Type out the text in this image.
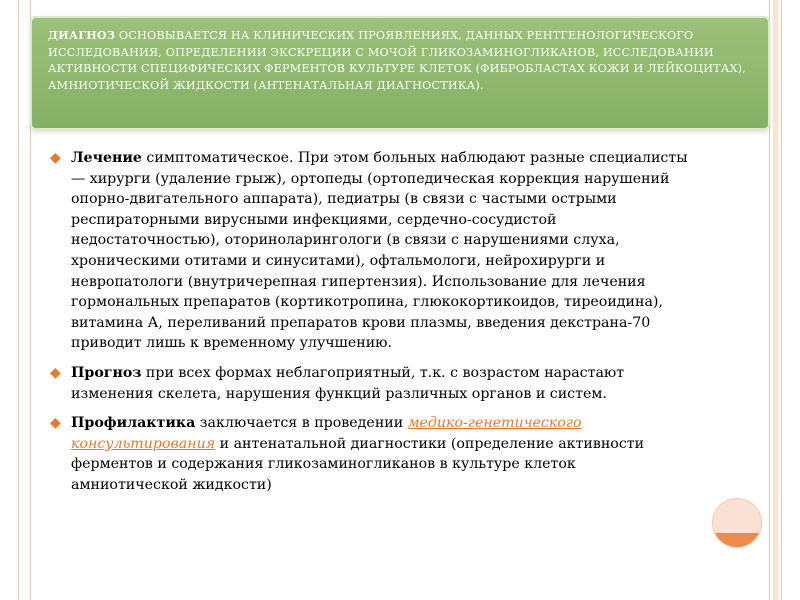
ДИАГНОЗ ОСНОВЫВАЕТСЯ НА КЛИНИЧЕСКИХ ПРОЯВЛЕНИЯХ, ДАННЫХ РЕНТГЕНОЛОГИЧЕСКОГО ИССЛЕДОВАНИЯ, ОПРЕДЕЛЕНИИ ЭКСКРЕЦИИ С МОЧОЙ ГЛИКОЗАМИНОГЛИКАНОВ, ИССЛЕДОВАНИИ АКТИВНОСТИ СПЕЦИФИЧЕСКИХ ФЕРМЕНТОВ КУЛЬТУРЕ КЛЕТОК (ФИБРОБЛАСТАХ КОЖИ И ЛЕЙКОЦИТАХ), АМНИОТИЧЕСКОЙ ЖИДКОСТИ (АНТЕНАТАЛЬНАЯ ДИАГНОСТИКА).
◆ Лечение симптоматическое. При этом больных наблюдают разные специалисты — хирурги (удаление грыж), ортопеды (ортопедическая коррекция нарушений опорно-двигательного аппарата), педиатры (в связи с частыми острыми респираторными вирусными инфекциями, сердечно-сосудистой недостаточностью), оториноларингологи (в связи с нарушениями слуха, хроническими отитами и синуситами), офтальмологи, нейрохирурги и невропатологи (внутричерепная гипертензия). Использование для лечения гормональных препаратов (кортикотропина, глюкокортикоидов, тиреоидина), витамина А, переливаний препаратов крови плазмы, введения декстрана-70 приводит лишь к временному улучшению.
◆ Прогноз при всех формах неблагоприятный, т.к. с возрастом нарастают изменения скелета, нарушения функций различных органов и систем.
◆ Профилактика заключается в проведении медико-генетического консультирования и антенатальной диагностики (определение активности ферментов и содержания гликозаминогликанов в культуре клеток амниотической жидкости)
